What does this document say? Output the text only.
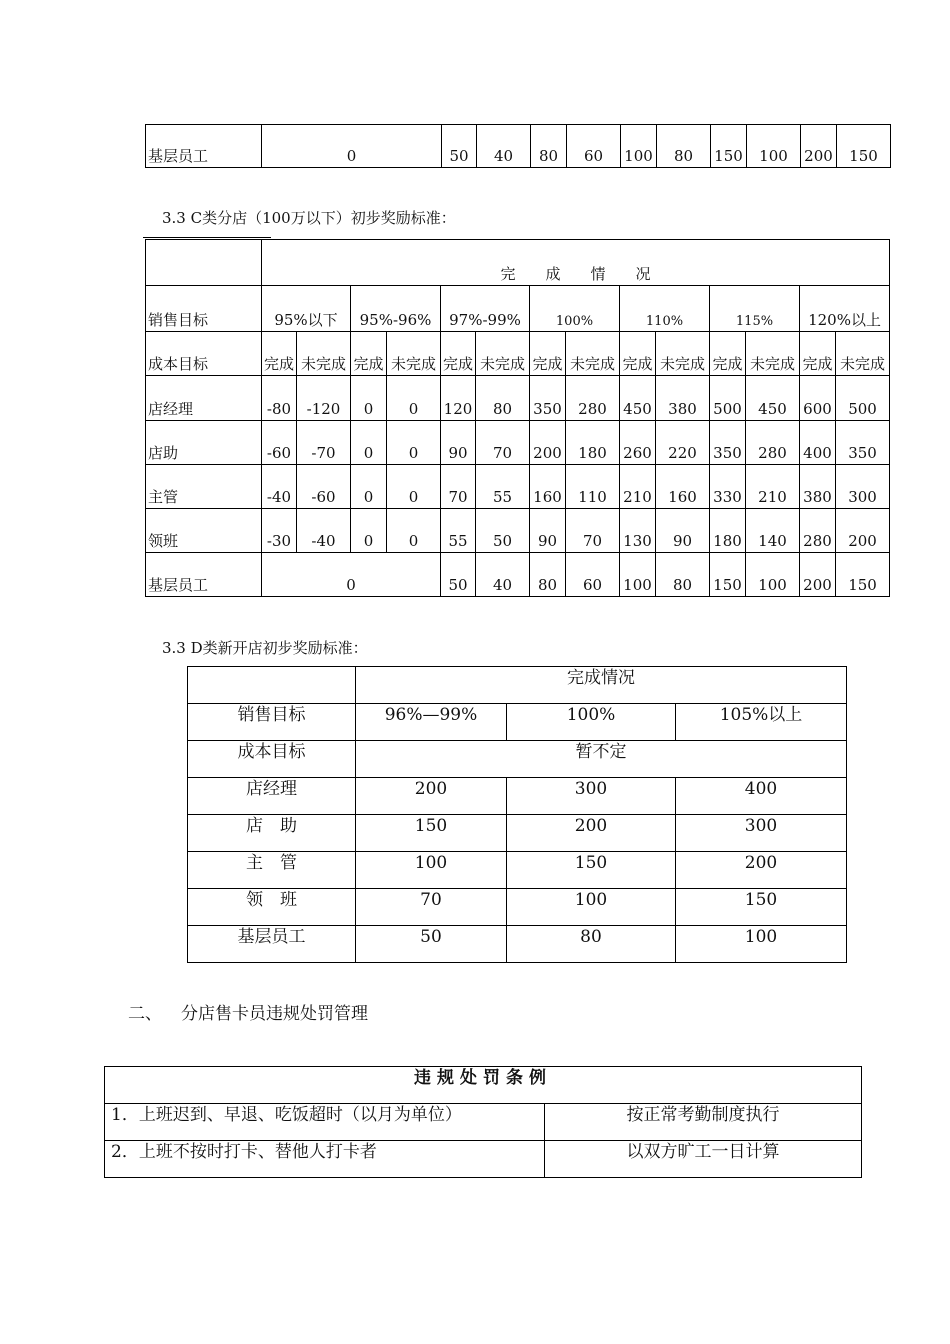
基层员工	0	50	40	80	60	100	80	150	100	200	150
3.3 C类分店（100万以下）初步奖励标准：
	完　　成　　情　　况													
销售目标	95%以下		95%-96%		97%-99%		100%		110%		115%		120%以上	
成本目标	完成	未完成	完成	未完成	完成	未完成	完成	未完成	完成	未完成	完成	未完成	完成	未完成
店经理	-80	-120	0	0	120	80	350	280	450	380	500	450	600	500
店助	-60	-70	0	0	90	70	200	180	260	220	350	280	400	350
主管	-40	-60	0	0	70	55	160	110	210	160	330	210	380	300
领班	-30	-40	0	0	55	50	90	70	130	90	180	140	280	200
基层员工	0				50	40	80	60	100	80	150	100	200	150
3.3 D类新开店初步奖励标准：
	完成情况		
销售目标	96%—99%	100%	105%以上
成本目标	暂不定		
店经理	200	300	400
店　助	150	200	300
主　管	100	150	200
领　班	70	100	150
基层员工	50	80	100
二、 分店售卡员违规处罚管理
违规处罚条例	
1．上班迟到、早退、吃饭超时（以月为单位）	按正常考勤制度执行
2．上班不按时打卡、替他人打卡者	以双方旷工一日计算
